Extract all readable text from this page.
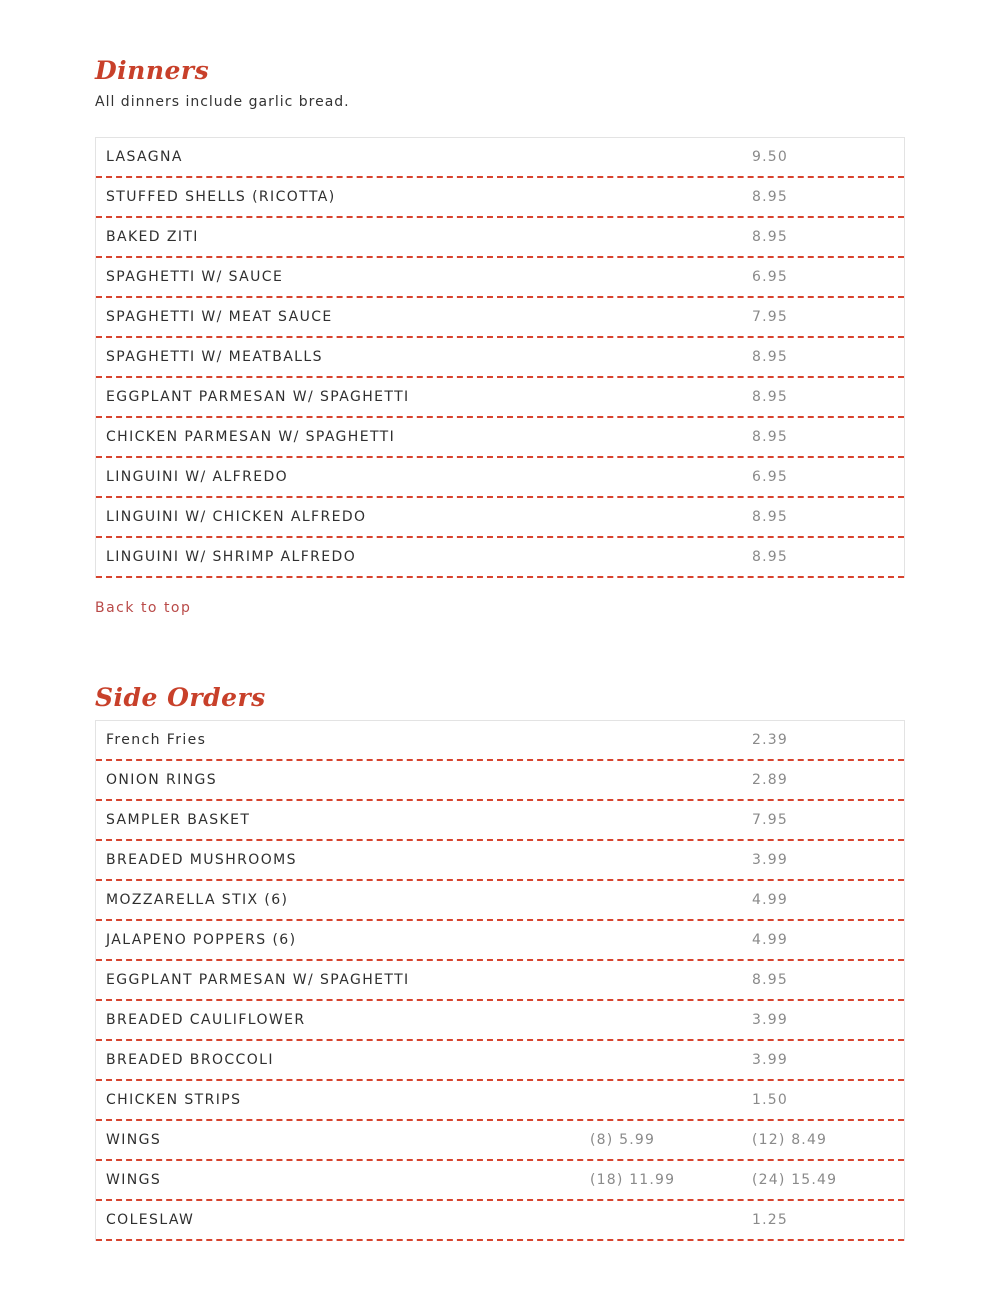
Dinners

All dinners include garlic bread.

LASAGNA	9.50
STUFFED SHELLS (RICOTTA)	8.95
BAKED ZITI	8.95
SPAGHETTI W/ SAUCE	6.95
SPAGHETTI W/ MEAT SAUCE	7.95
SPAGHETTI W/ MEATBALLS	8.95
EGGPLANT PARMESAN W/ SPAGHETTI	8.95
CHICKEN PARMESAN W/ SPAGHETTI	8.95
LINGUINI W/ ALFREDO	6.95
LINGUINI W/ CHICKEN ALFREDO	8.95
LINGUINI W/ SHRIMP ALFREDO	8.95
Back to top
Side Orders
French Fries	2.39
ONION RINGS	2.89
SAMPLER BASKET	7.95
BREADED MUSHROOMS	3.99
MOZZARELLA STIX (6)	4.99
JALAPENO POPPERS (6)	4.99
EGGPLANT PARMESAN W/ SPAGHETTI	8.95
BREADED CAULIFLOWER	3.99
BREADED BROCCOLI	3.99
CHICKEN STRIPS	1.50
WINGS	(8) 5.99	(12) 8.49
WINGS	(18) 11.99	(24) 15.49
COLESLAW	1.25
